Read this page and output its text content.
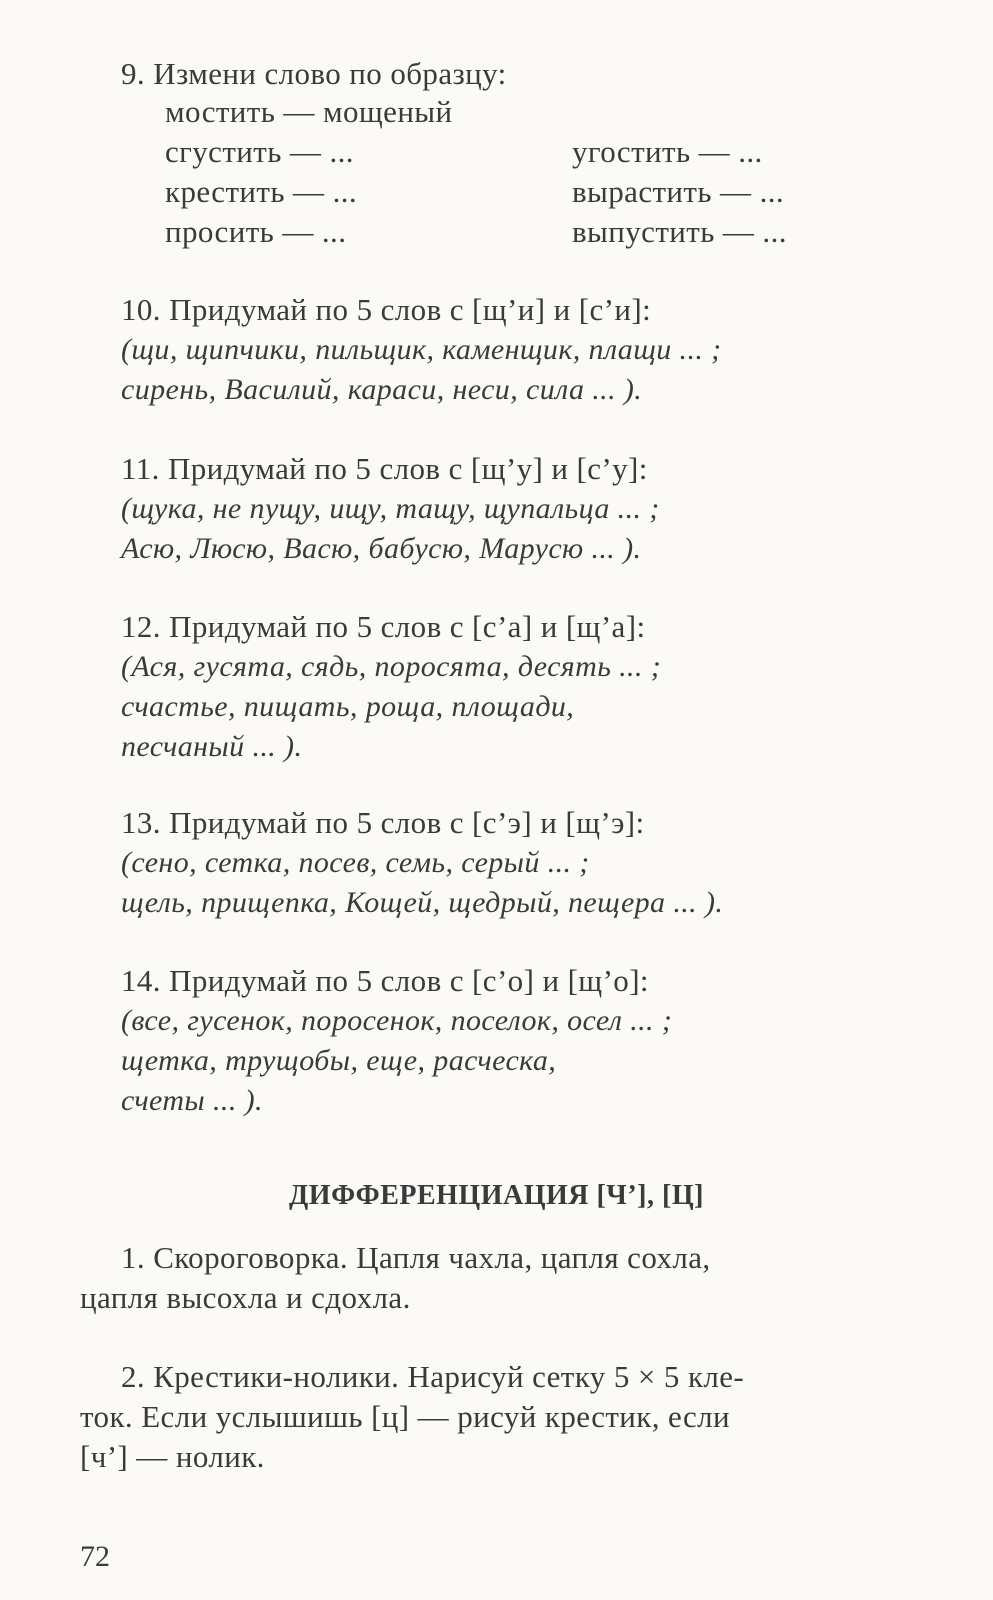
9. Измени слово по образцу:
мостить — мощеный
сгустить — ...	угостить — ...
крестить — ...	вырастить — ...
просить — ...	выпустить — ...
10. Придумай по 5 слов с [щ’и] и [с’и]:
(щи, щипчики, пильщик, каменщик, плащи ... ;
сирень, Василий, караси, неси, сила ... ).
11. Придумай по 5 слов с [щ’у] и [с’у]:
(щука, не пущу, ищу, тащу, щупальца ... ;
Асю, Люсю, Васю, бабусю, Марусю ... ).
12. Придумай по 5 слов с [с’а] и [щ’а]:
(Ася, гусята, сядь, поросята, десять ... ;
счастье, пищать, роща, площади,
песчаный ... ).
13. Придумай по 5 слов с [с’э] и [щ’э]:
(сено, сетка, посев, семь, серый ... ;
щель, прищепка, Кощей, щедрый, пещера ... ).
14. Придумай по 5 слов с [с’о] и [щ’о]:
(все, гусенок, поросенок, поселок, осел ... ;
щетка, трущобы, еще, расческа,
счеты ... ).
ДИФФЕРЕНЦИАЦИЯ [Ч’], [Ц]
1. Скороговорка. Цапля чахла, цапля сохла,
цапля высохла и сдохла.
2. Крестики-нолики. Нарисуй сетку 5 × 5 кле-
ток. Если услышишь [ц] — рисуй крестик, если
[ч’] — нолик.
72
